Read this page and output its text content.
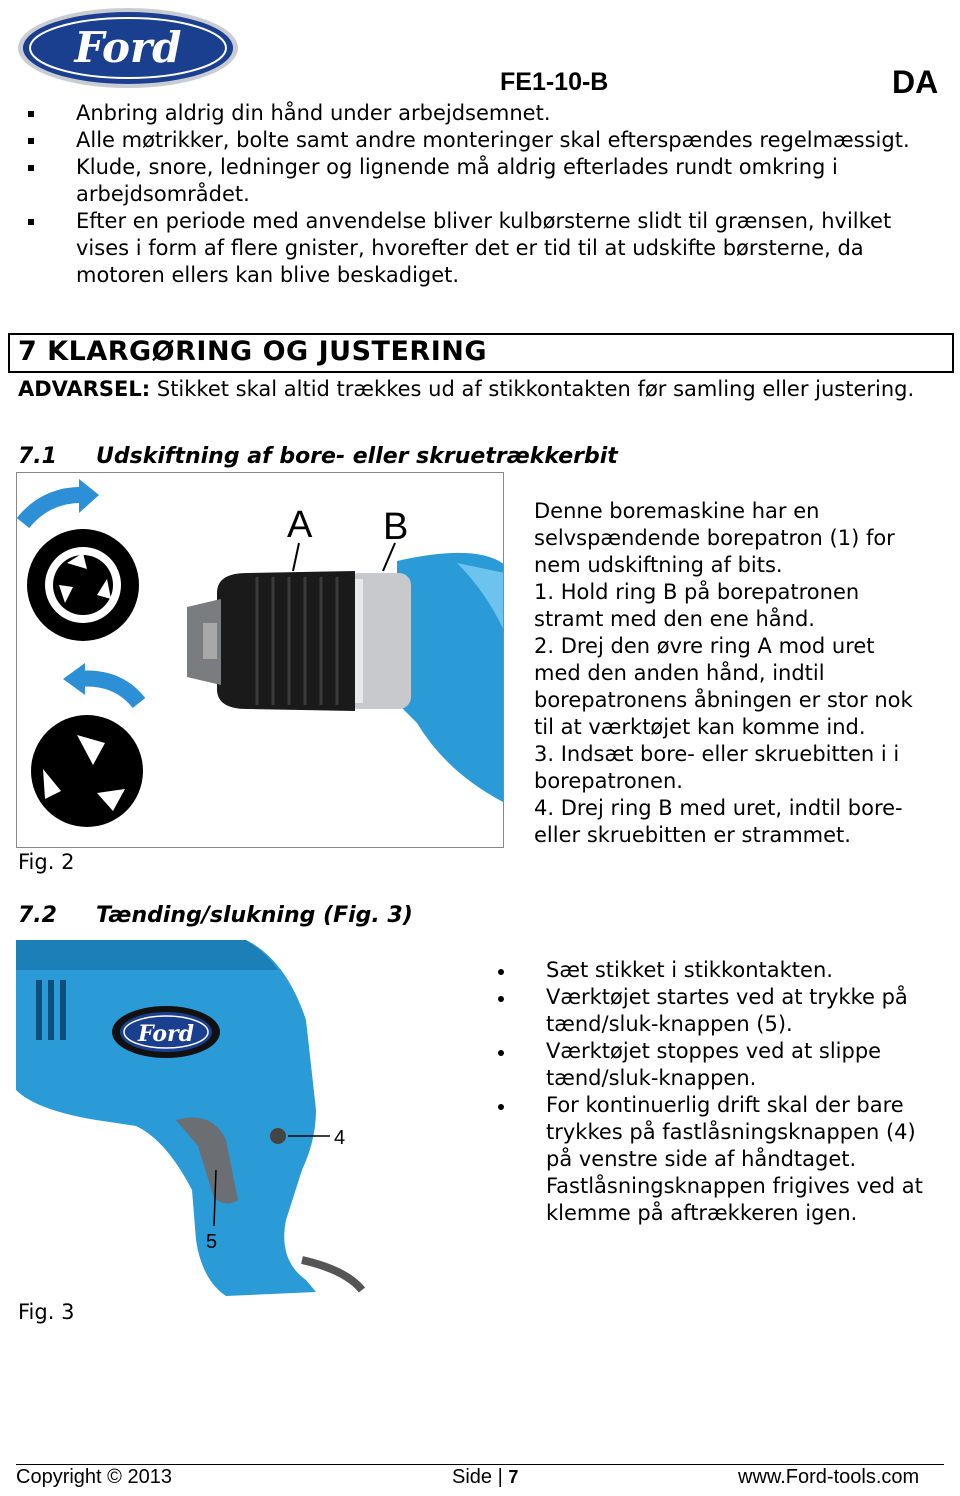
Ford
FE1-10-B	DA
Anbring aldrig din hånd under arbejdsemnet.
Alle møtrikker, bolte samt andre monteringer skal efterspændes regelmæssigt.
Klude, snore, ledninger og lignende må aldrig efterlades rundt omkring i arbejdsområdet.
Efter en periode med anvendelse bliver kulbørsterne slidt til grænsen, hvilket vises i form af flere gnister, hvorefter det er tid til at udskifte børsterne, da motoren ellers kan blive beskadiget.
7 KLARGØRING OG JUSTERING
ADVARSEL: Stikket skal altid trækkes ud af stikkontakten før samling eller justering.
7.1 Udskiftning af bore- eller skruetrækkerbit
A B
Fig. 2
Denne boremaskine har en
selvspændende borepatron (1) for
nem udskiftning af bits.
1. Hold ring B på borepatronen
stramt med den ene hånd.
2. Drej den øvre ring A mod uret
med den anden hånd, indtil
borepatronens åbningen er stor nok
til at værktøjet kan komme ind.
3. Indsæt bore- eller skruebitten i i
borepatronen.
4. Drej ring B med uret, indtil bore-
eller skruebitten er strammet.
7.2 Tænding/slukning (Fig. 3)
Ford
4
5
Sæt stikket i stikkontakten.
Værktøjet startes ved at trykke på tænd/sluk-knappen (5).
Værktøjet stoppes ved at slippe tænd/sluk-knappen.
For kontinuerlig drift skal der bare trykkes på fastlåsningsknappen (4) på venstre side af håndtaget. Fastlåsningsknappen frigives ved at klemme på aftrækkeren igen.
Fig. 3
Copyright © 2013	Side | 7	www.Ford-tools.com
